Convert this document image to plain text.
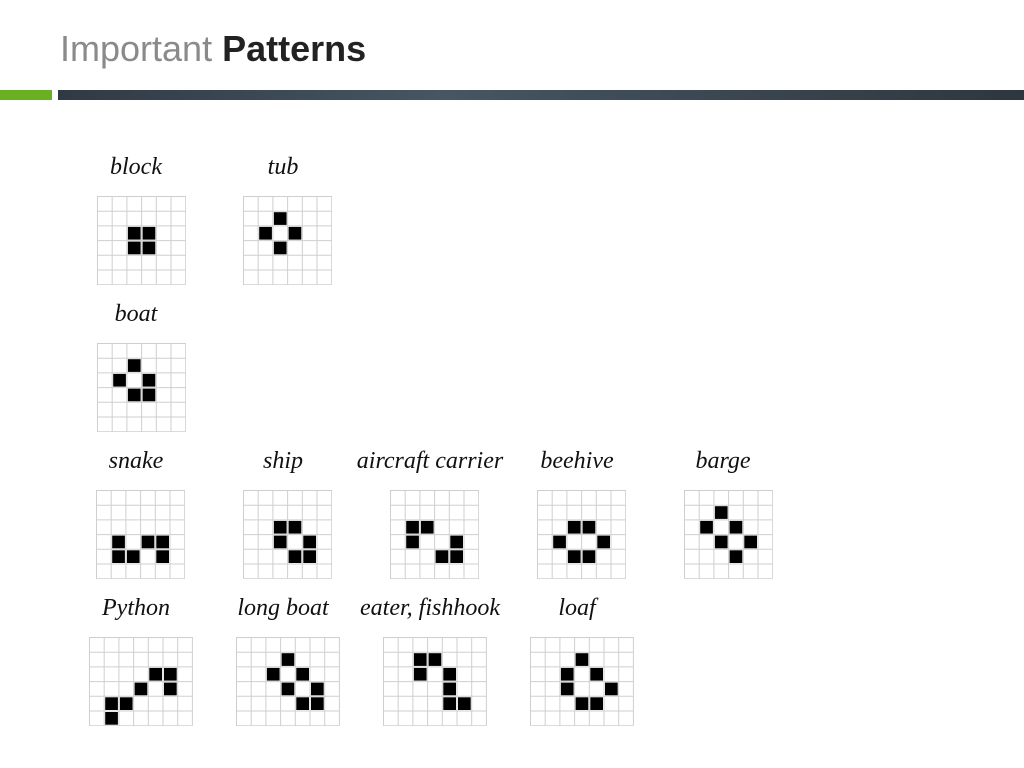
Important Patterns
block	tub
boat
snake	ship aircraft carrier beehive	barge
Python	long boat eater, fishhook loaf
